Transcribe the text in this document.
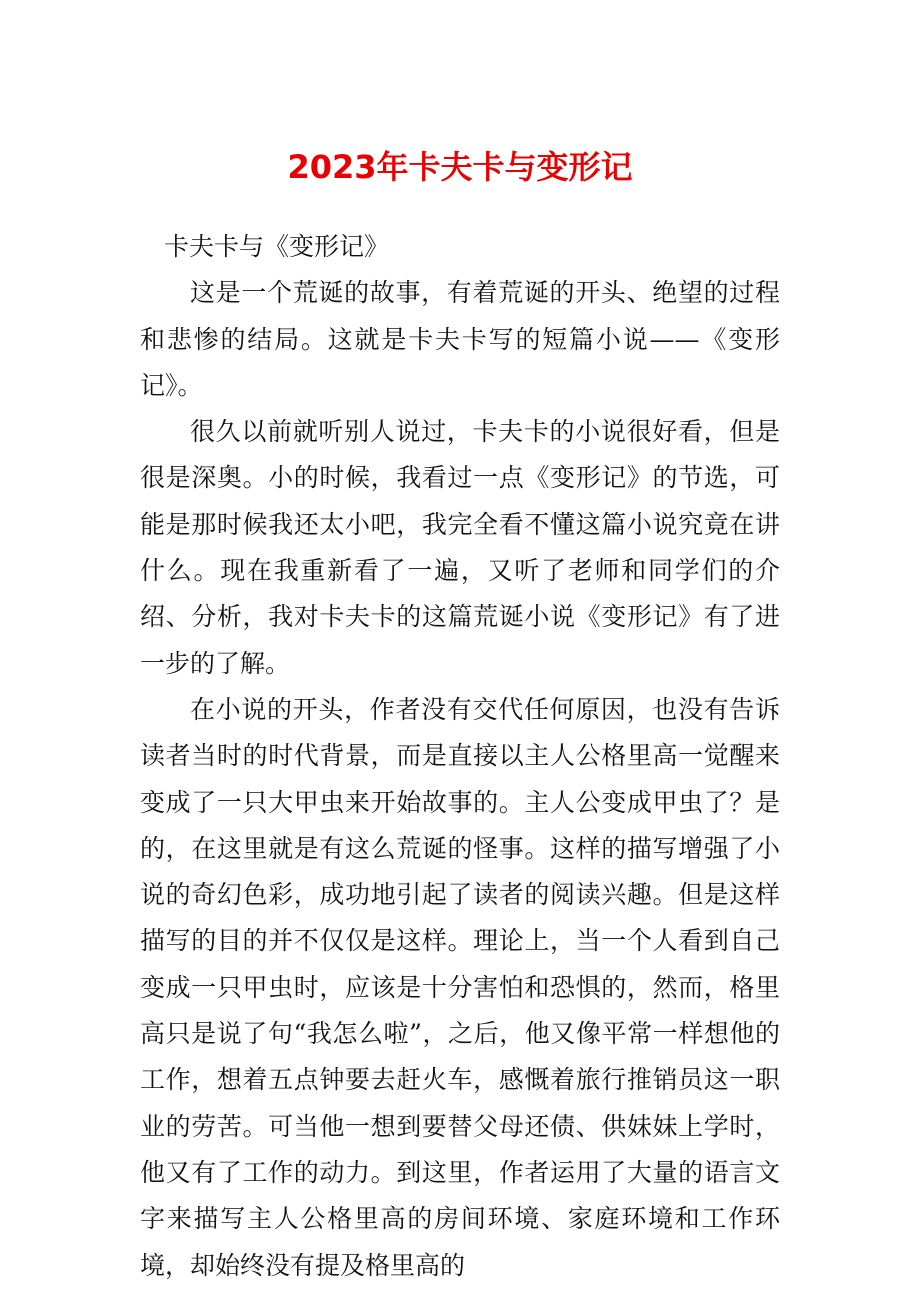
2023年卡夫卡与变形记

卡夫卡与《变形记》

这是一个荒诞的故事，有着荒诞的开头、绝望的过程和悲惨的结局。这就是卡夫卡写的短篇小说——《变形记》。

很久以前就听别人说过，卡夫卡的小说很好看，但是很是深奥。小的时候，我看过一点《变形记》的节选，可能是那时候我还太小吧，我完全看不懂这篇小说究竟在讲什么。现在我重新看了一遍，又听了老师和同学们的介绍、分析，我对卡夫卡的这篇荒诞小说《变形记》有了进一步的了解。

在小说的开头，作者没有交代任何原因，也没有告诉读者当时的时代背景，而是直接以主人公格里高一觉醒来变成了一只大甲虫来开始故事的。主人公变成甲虫了？是的，在这里就是有这么荒诞的怪事。这样的描写增强了小说的奇幻色彩，成功地引起了读者的阅读兴趣。但是这样描写的目的并不仅仅是这样。理论上，当一个人看到自己变成一只甲虫时，应该是十分害怕和恐惧的，然而，格里高只是说了句“我怎么啦”，之后，他又像平常一样想他的工作，想着五点钟要去赶火车，感慨着旅行推销员这一职业的劳苦。可当他一想到要替父母还债、供妹妹上学时，他又有了工作的动力。到这里，作者运用了大量的语言文字来描写主人公格里高的房间环境、家庭环境和工作环境，却始终没有提及格里高的
